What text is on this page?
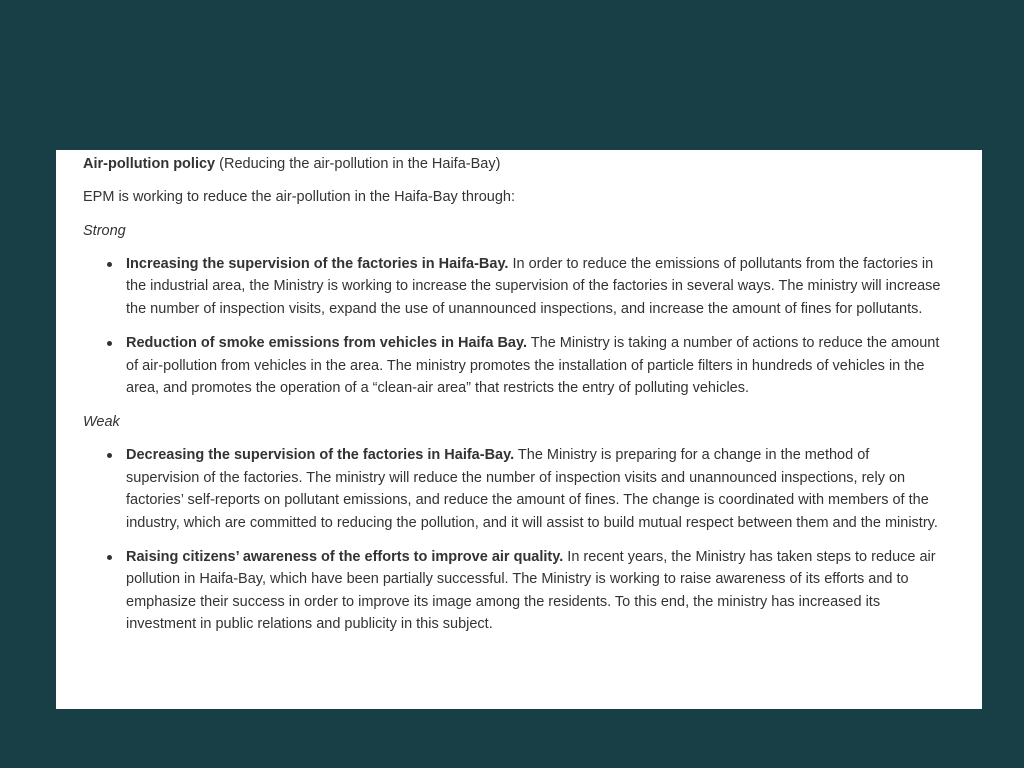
Air-pollution policy (Reducing the air-pollution in the Haifa-Bay)
EPM is working to reduce the air-pollution in the Haifa-Bay through:
Strong
Increasing the supervision of the factories in Haifa-Bay. In order to reduce the emissions of pollutants from the factories in the industrial area, the Ministry is working to increase the supervision of the factories in several ways. The ministry will increase the number of inspection visits, expand the use of unannounced inspections, and increase the amount of fines for pollutants.
Reduction of smoke emissions from vehicles in Haifa Bay. The Ministry is taking a number of actions to reduce the amount of air-pollution from vehicles in the area. The ministry promotes the installation of particle filters in hundreds of vehicles in the area, and promotes the operation of a “clean-air area” that restricts the entry of polluting vehicles.
Weak
Decreasing the supervision of the factories in Haifa-Bay. The Ministry is preparing for a change in the method of supervision of the factories. The ministry will reduce the number of inspection visits and unannounced inspections, rely on factories’ self-reports on pollutant emissions, and reduce the amount of fines. The change is coordinated with members of the industry, which are committed to reducing the pollution, and it will assist to build mutual respect between them and the ministry.
Raising citizens’ awareness of the efforts to improve air quality. In recent years, the Ministry has taken steps to reduce air pollution in Haifa-Bay, which have been partially successful. The Ministry is working to raise awareness of its efforts and to emphasize their success in order to improve its image among the residents. To this end, the ministry has increased its investment in public relations and publicity in this subject.
